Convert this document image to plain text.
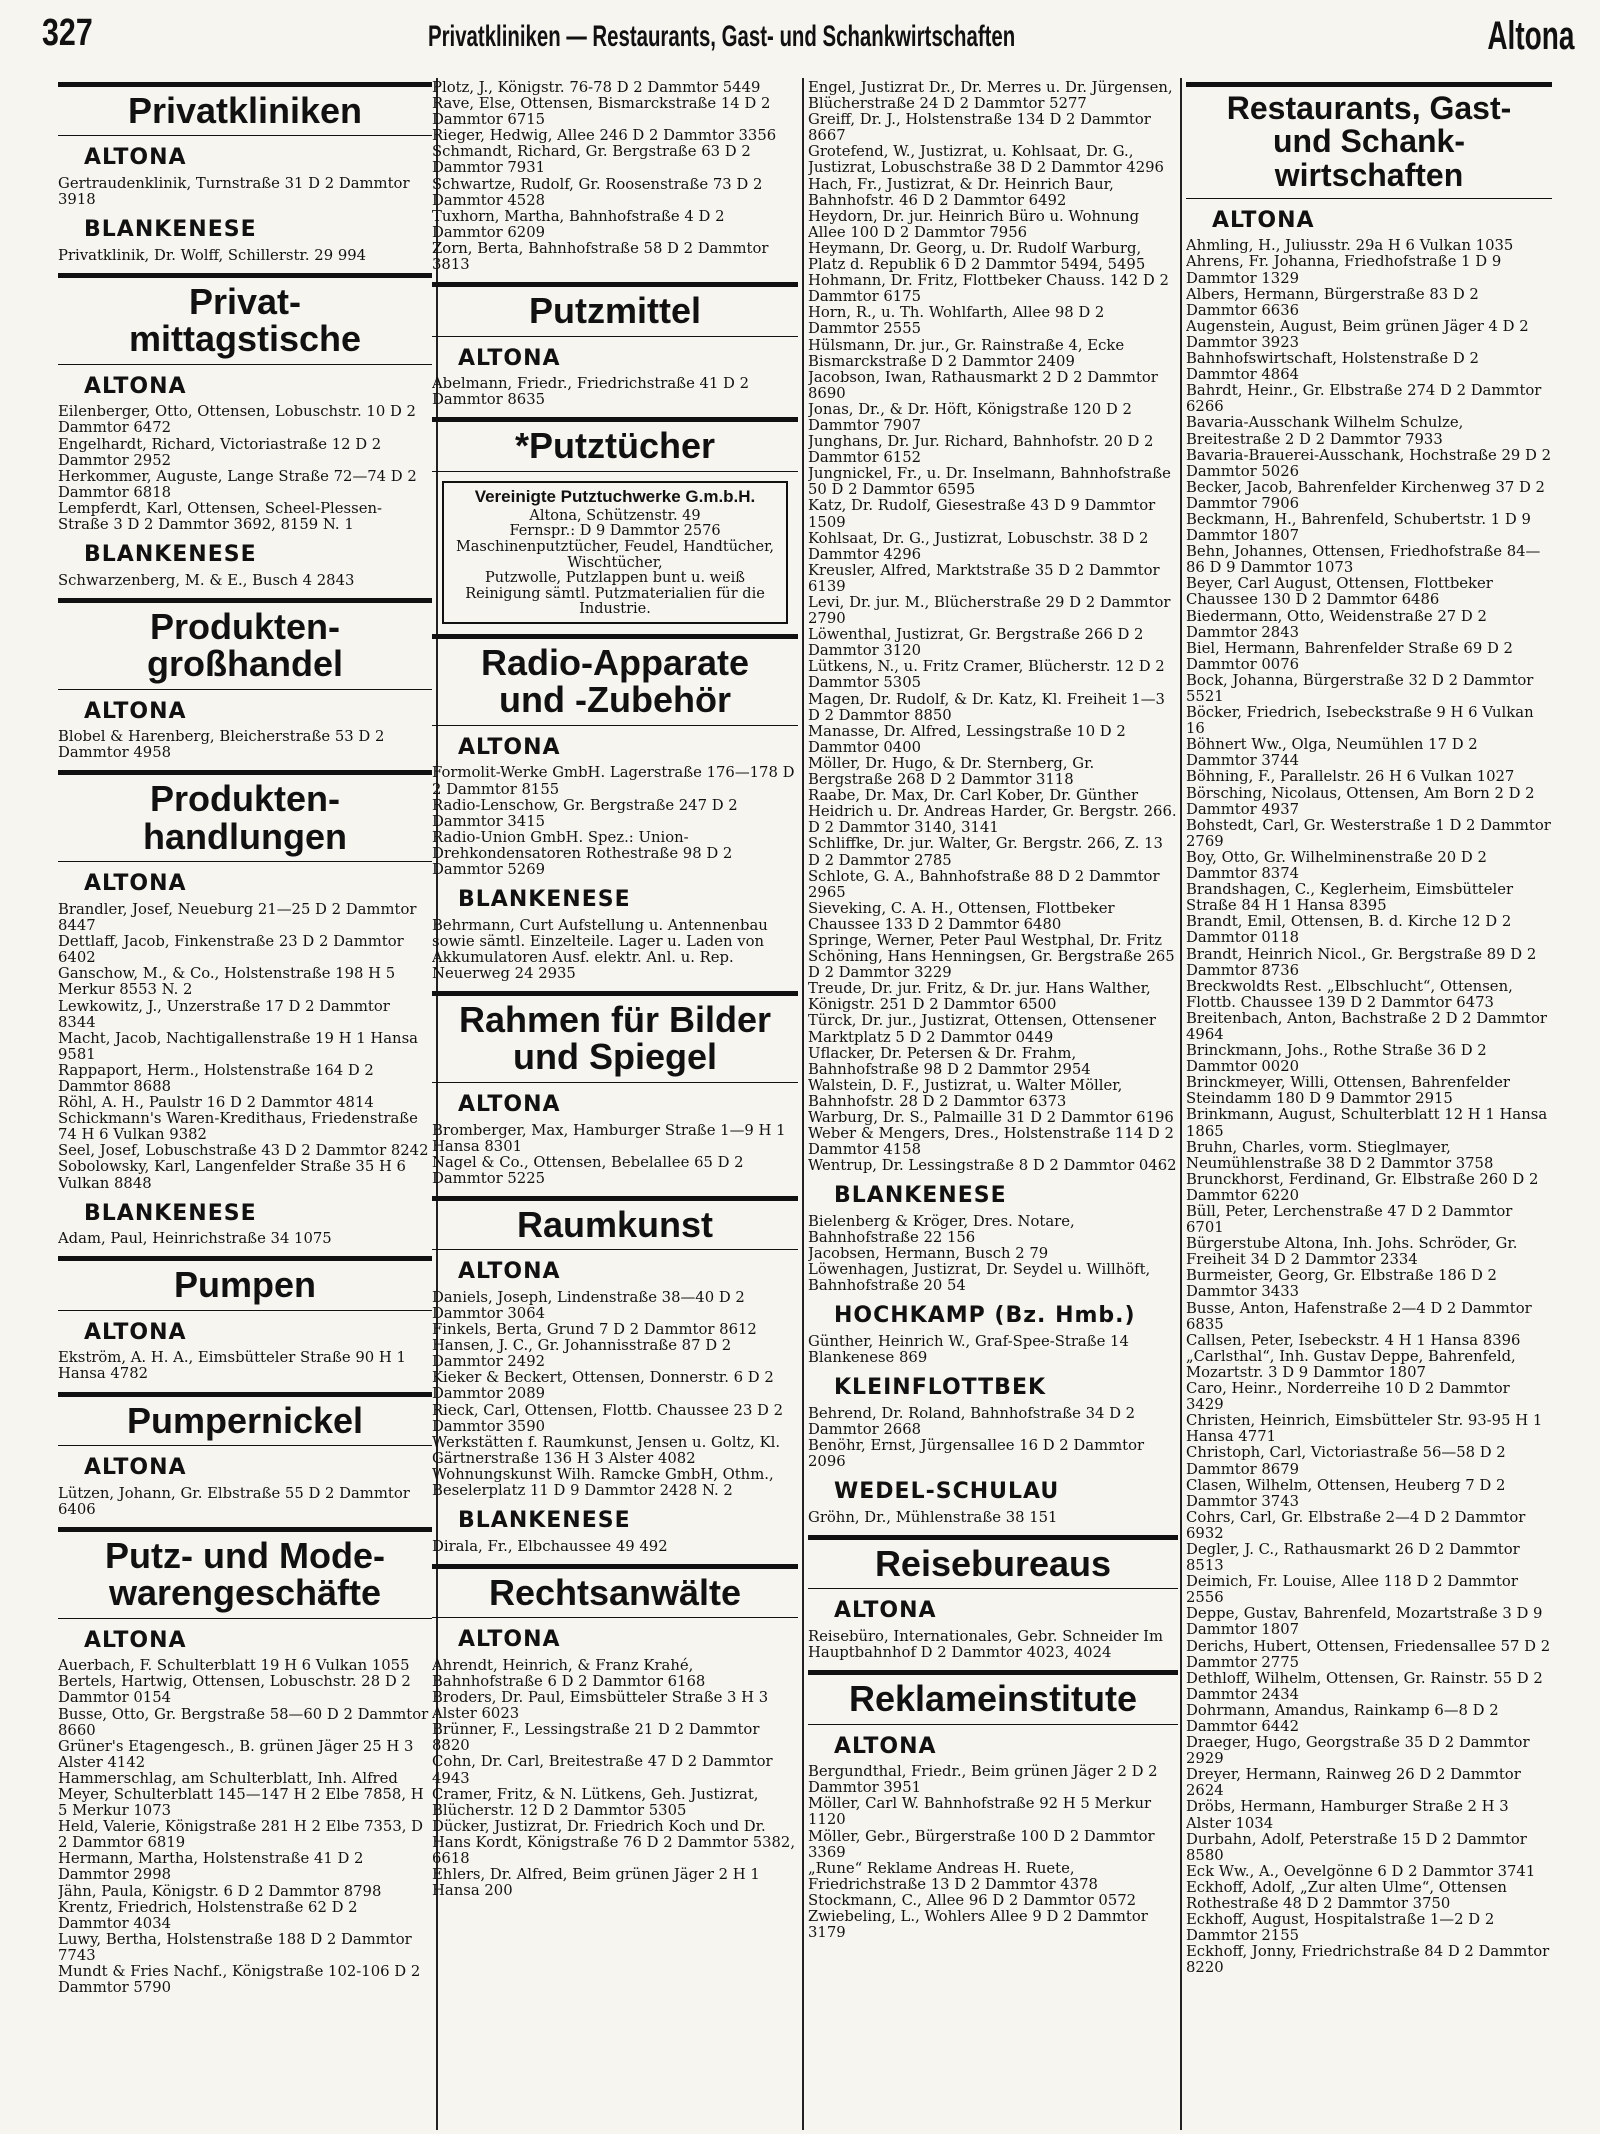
327	Privatkliniken — Restaurants, Gast- und Schankwirtschaften	Altona
Privatkliniken
ALTONA
Gertraudenklinik, Turnstraße 31 D 2 Dammtor 3918
BLANKENESE
Privatklinik, Dr. Wolff, Schillerstr. 29 994
Privat-
mittagstische
ALTONA
Eilenberger, Otto, Ottensen, Lobuschstr. 10 D 2 Dammtor 6472
Engelhardt, Richard, Victoriastraße 12 D 2 Dammtor 2952
Herkommer, Auguste, Lange Straße 72—74 D 2 Dammtor 6818
Lempferdt, Karl, Ottensen, Scheel-Plessen-Straße 3 D 2 Dammtor 3692, 8159 N. 1
BLANKENESE
Schwarzenberg, M. & E., Busch 4 2843
Produkten-
großhandel
ALTONA
Blobel & Harenberg, Bleicherstraße 53 D 2 Dammtor 4958
Produkten-
handlungen
ALTONA
Brandler, Josef, Neueburg 21—25 D 2 Dammtor 8447
Dettlaff, Jacob, Finkenstraße 23 D 2 Dammtor 6402
Ganschow, M., & Co., Holstenstraße 198 H 5 Merkur 8553 N. 2
Lewkowitz, J., Unzerstraße 17 D 2 Dammtor 8344
Macht, Jacob, Nachtigallenstraße 19 H 1 Hansa 9581
Rappaport, Herm., Holstenstraße 164 D 2 Dammtor 8688
Röhl, A. H., Paulstr 16 D 2 Dammtor 4814
Schickmann's Waren-Kredithaus, Friedenstraße 74 H 6 Vulkan 9382
Seel, Josef, Lobuschstraße 43 D 2 Dammtor 8242
Sobolowsky, Karl, Langenfelder Straße 35 H 6 Vulkan 8848
BLANKENESE
Adam, Paul, Heinrichstraße 34 1075
Pumpen
ALTONA
Ekström, A. H. A., Eimsbütteler Straße 90 H 1 Hansa 4782
Pumpernickel
ALTONA
Lützen, Johann, Gr. Elbstraße 55 D 2 Dammtor 6406
Putz- und Mode-
warengeschäfte
ALTONA
Auerbach, F. Schulterblatt 19 H 6 Vulkan 1055
Bertels, Hartwig, Ottensen, Lobuschstr. 28 D 2 Dammtor 0154
Busse, Otto, Gr. Bergstraße 58—60 D 2 Dammtor 8660
Grüner's Etagengesch., B. grünen Jäger 25 H 3 Alster 4142
Hammerschlag, am Schulterblatt, Inh. Alfred Meyer, Schulterblatt 145—147 H 2 Elbe 7858, H 5 Merkur 1073
Held, Valerie, Königstraße 281 H 2 Elbe 7353, D 2 Dammtor 6819
Hermann, Martha, Holstenstraße 41 D 2 Dammtor 2998
Jähn, Paula, Königstr. 6 D 2 Dammtor 8798
Krentz, Friedrich, Holstenstraße 62 D 2 Dammtor 4034
Luwy, Bertha, Holstenstraße 188 D 2 Dammtor 7743
Mundt & Fries Nachf., Königstraße 102-106 D 2 Dammtor 5790
Plotz, J., Königstr. 76-78 D 2 Dammtor 5449
Rave, Else, Ottensen, Bismarckstraße 14 D 2 Dammtor 6715
Rieger, Hedwig, Allee 246 D 2 Dammtor 3356
Schmandt, Richard, Gr. Bergstraße 63 D 2 Dammtor 7931
Schwartze, Rudolf, Gr. Roosenstraße 73 D 2 Dammtor 4528
Tuxhorn, Martha, Bahnhofstraße 4 D 2 Dammtor 6209
Zorn, Berta, Bahnhofstraße 58 D 2 Dammtor 3813
Putzmittel
ALTONA
Abelmann, Friedr., Friedrichstraße 41 D 2 Dammtor 8635
*Putztücher
Vereinigte Putztuchwerke G.m.b.H.
Altona, Schützenstr. 49
Fernspr.: D 9 Dammtor 2576
Maschinenputztücher, Feudel, Handtücher, Wischtücher,
Putzwolle, Putzlappen bunt u. weiß
Reinigung sämtl. Putzmaterialien für die Industrie.
Radio-Apparate
und -Zubehör
ALTONA
Formolit-Werke GmbH. Lagerstraße 176—178 D 2 Dammtor 8155
Radio-Lenschow, Gr. Bergstraße 247 D 2 Dammtor 3415
Radio-Union GmbH. Spez.: Union-Drehkondensatoren Rothestraße 98 D 2 Dammtor 5269
BLANKENESE
Behrmann, Curt Aufstellung u. Antennenbau sowie sämtl. Einzelteile. Lager u. Laden von Akkumulatoren Ausf. elektr. Anl. u. Rep. Neuerweg 24 2935
Rahmen für Bilder
und Spiegel
ALTONA
Bromberger, Max, Hamburger Straße 1—9 H 1 Hansa 8301
Nagel & Co., Ottensen, Bebelallee 65 D 2 Dammtor 5225
Raumkunst
ALTONA
Daniels, Joseph, Lindenstraße 38—40 D 2 Dammtor 3064
Finkels, Berta, Grund 7 D 2 Dammtor 8612
Hansen, J. C., Gr. Johannisstraße 87 D 2 Dammtor 2492
Kieker & Beckert, Ottensen, Donnerstr. 6 D 2 Dammtor 2089
Rieck, Carl, Ottensen, Flottb. Chaussee 23 D 2 Dammtor 3590
Werkstätten f. Raumkunst, Jensen u. Goltz, Kl. Gärtnerstraße 136 H 3 Alster 4082
Wohnungskunst Wilh. Ramcke GmbH, Othm., Beselerplatz 11 D 9 Dammtor 2428 N. 2
BLANKENESE
Dirala, Fr., Elbchaussee 49 492
Rechtsanwälte
ALTONA
Ahrendt, Heinrich, & Franz Krahé, Bahnhofstraße 6 D 2 Dammtor 6168
Broders, Dr. Paul, Eimsbütteler Straße 3 H 3 Alster 6023
Brünner, F., Lessingstraße 21 D 2 Dammtor 8820
Cohn, Dr. Carl, Breitestraße 47 D 2 Dammtor 4943
Cramer, Fritz, & N. Lütkens, Geh. Justizrat, Blücherstr. 12 D 2 Dammtor 5305
Dücker, Justizrat, Dr. Friedrich Koch und Dr. Hans Kordt, Königstraße 76 D 2 Dammtor 5382, 6618
Ehlers, Dr. Alfred, Beim grünen Jäger 2 H 1 Hansa 200
Engel, Justizrat Dr., Dr. Merres u. Dr. Jürgensen, Blücherstraße 24 D 2 Dammtor 5277
Greiff, Dr. J., Holstenstraße 134 D 2 Dammtor 8667
Grotefend, W., Justizrat, u. Kohlsaat, Dr. G., Justizrat, Lobuschstraße 38 D 2 Dammtor 4296
Hach, Fr., Justizrat, & Dr. Heinrich Baur, Bahnhofstr. 46 D 2 Dammtor 6492
Heydorn, Dr. jur. Heinrich Büro u. Wohnung Allee 100 D 2 Dammtor 7956
Heymann, Dr. Georg, u. Dr. Rudolf Warburg, Platz d. Republik 6 D 2 Dammtor 5494, 5495
Hohmann, Dr. Fritz, Flottbeker Chauss. 142 D 2 Dammtor 6175
Horn, R., u. Th. Wohlfarth, Allee 98 D 2 Dammtor 2555
Hülsmann, Dr. jur., Gr. Rainstraße 4, Ecke Bismarckstraße D 2 Dammtor 2409
Jacobson, Iwan, Rathausmarkt 2 D 2 Dammtor 8690
Jonas, Dr., & Dr. Höft, Königstraße 120 D 2 Dammtor 7907
Junghans, Dr. Jur. Richard, Bahnhofstr. 20 D 2 Dammtor 6152
Jungnickel, Fr., u. Dr. Inselmann, Bahnhofstraße 50 D 2 Dammtor 6595
Katz, Dr. Rudolf, Giesestraße 43 D 9 Dammtor 1509
Kohlsaat, Dr. G., Justizrat, Lobuschstr. 38 D 2 Dammtor 4296
Kreusler, Alfred, Marktstraße 35 D 2 Dammtor 6139
Levi, Dr. jur. M., Blücherstraße 29 D 2 Dammtor 2790
Löwenthal, Justizrat, Gr. Bergstraße 266 D 2 Dammtor 3120
Lütkens, N., u. Fritz Cramer, Blücherstr. 12 D 2 Dammtor 5305
Magen, Dr. Rudolf, & Dr. Katz, Kl. Freiheit 1—3 D 2 Dammtor 8850
Manasse, Dr. Alfred, Lessingstraße 10 D 2 Dammtor 0400
Möller, Dr. Hugo, & Dr. Sternberg, Gr. Bergstraße 268 D 2 Dammtor 3118
Raabe, Dr. Max, Dr. Carl Kober, Dr. Günther Heidrich u. Dr. Andreas Harder, Gr. Bergstr. 266. D 2 Dammtor 3140, 3141
Schliffke, Dr. jur. Walter, Gr. Bergstr. 266, Z. 13 D 2 Dammtor 2785
Schlote, G. A., Bahnhofstraße 88 D 2 Dammtor 2965
Sieveking, C. A. H., Ottensen, Flottbeker Chaussee 133 D 2 Dammtor 6480
Springe, Werner, Peter Paul Westphal, Dr. Fritz Schöning, Hans Henningsen, Gr. Bergstraße 265 D 2 Dammtor 3229
Treude, Dr. jur. Fritz, & Dr. jur. Hans Walther, Königstr. 251 D 2 Dammtor 6500
Türck, Dr. jur., Justizrat, Ottensen, Ottensener Marktplatz 5 D 2 Dammtor 0449
Uflacker, Dr. Petersen & Dr. Frahm, Bahnhofstraße 98 D 2 Dammtor 2954
Walstein, D. F., Justizrat, u. Walter Möller, Bahnhofstr. 28 D 2 Dammtor 6373
Warburg, Dr. S., Palmaille 31 D 2 Dammtor 6196
Weber & Mengers, Dres., Holstenstraße 114 D 2 Dammtor 4158
Wentrup, Dr. Lessingstraße 8 D 2 Dammtor 0462
BLANKENESE
Bielenberg & Kröger, Dres. Notare, Bahnhofstraße 22 156
Jacobsen, Hermann, Busch 2 79
Löwenhagen, Justizrat, Dr. Seydel u. Willhöft, Bahnhofstraße 20 54
HOCHKAMP (Bz. Hmb.)
Günther, Heinrich W., Graf-Spee-Straße 14 Blankenese 869
KLEINFLOTTBEK
Behrend, Dr. Roland, Bahnhofstraße 34 D 2 Dammtor 2668
Benöhr, Ernst, Jürgensallee 16 D 2 Dammtor 2096
WEDEL-SCHULAU
Gröhn, Dr., Mühlenstraße 38 151
Reisebureaus
ALTONA
Reisebüro, Internationales, Gebr. Schneider Im Hauptbahnhof D 2 Dammtor 4023, 4024
Reklameinstitute
ALTONA
Bergundthal, Friedr., Beim grünen Jäger 2 D 2 Dammtor 3951
Möller, Carl W. Bahnhofstraße 92 H 5 Merkur 1120
Möller, Gebr., Bürgerstraße 100 D 2 Dammtor 3369
„Rune“ Reklame Andreas H. Ruete, Friedrichstraße 13 D 2 Dammtor 4378
Stockmann, C., Allee 96 D 2 Dammtor 0572
Zwiebeling, L., Wohlers Allee 9 D 2 Dammtor 3179
Restaurants, Gast-
und Schank-
wirtschaften
ALTONA
Ahmling, H., Juliusstr. 29a H 6 Vulkan 1035
Ahrens, Fr. Johanna, Friedhofstraße 1 D 9 Dammtor 1329
Albers, Hermann, Bürgerstraße 83 D 2 Dammtor 6636
Augenstein, August, Beim grünen Jäger 4 D 2 Dammtor 3923
Bahnhofswirtschaft, Holstenstraße D 2 Dammtor 4864
Bahrdt, Heinr., Gr. Elbstraße 274 D 2 Dammtor 6266
Bavaria-Ausschank Wilhelm Schulze, Breitestraße 2 D 2 Dammtor 7933
Bavaria-Brauerei-Ausschank, Hochstraße 29 D 2 Dammtor 5026
Becker, Jacob, Bahrenfelder Kirchenweg 37 D 2 Dammtor 7906
Beckmann, H., Bahrenfeld, Schubertstr. 1 D 9 Dammtor 1807
Behn, Johannes, Ottensen, Friedhofstraße 84—86 D 9 Dammtor 1073
Beyer, Carl August, Ottensen, Flottbeker Chaussee 130 D 2 Dammtor 6486
Biedermann, Otto, Weidenstraße 27 D 2 Dammtor 2843
Biel, Hermann, Bahrenfelder Straße 69 D 2 Dammtor 0076
Bock, Johanna, Bürgerstraße 32 D 2 Dammtor 5521
Böcker, Friedrich, Isebeckstraße 9 H 6 Vulkan 16
Böhnert Ww., Olga, Neumühlen 17 D 2 Dammtor 3744
Böhning, F., Parallelstr. 26 H 6 Vulkan 1027
Börsching, Nicolaus, Ottensen, Am Born 2 D 2 Dammtor 4937
Bohstedt, Carl, Gr. Westerstraße 1 D 2 Dammtor 2769
Boy, Otto, Gr. Wilhelminenstraße 20 D 2 Dammtor 8374
Brandshagen, C., Keglerheim, Eimsbütteler Straße 84 H 1 Hansa 8395
Brandt, Emil, Ottensen, B. d. Kirche 12 D 2 Dammtor 0118
Brandt, Heinrich Nicol., Gr. Bergstraße 89 D 2 Dammtor 8736
Breckwoldts Rest. „Elbschlucht“, Ottensen, Flottb. Chaussee 139 D 2 Dammtor 6473
Breitenbach, Anton, Bachstraße 2 D 2 Dammtor 4964
Brinckmann, Johs., Rothe Straße 36 D 2 Dammtor 0020
Brinckmeyer, Willi, Ottensen, Bahrenfelder Steindamm 180 D 9 Dammtor 2915
Brinkmann, August, Schulterblatt 12 H 1 Hansa 1865
Bruhn, Charles, vorm. Stieglmayer, Neumühlenstraße 38 D 2 Dammtor 3758
Brunckhorst, Ferdinand, Gr. Elbstraße 260 D 2 Dammtor 6220
Büll, Peter, Lerchenstraße 47 D 2 Dammtor 6701
Bürgerstube Altona, Inh. Johs. Schröder, Gr. Freiheit 34 D 2 Dammtor 2334
Burmeister, Georg, Gr. Elbstraße 186 D 2 Dammtor 3433
Busse, Anton, Hafenstraße 2—4 D 2 Dammtor 6835
Callsen, Peter, Isebeckstr. 4 H 1 Hansa 8396
„Carlsthal“, Inh. Gustav Deppe, Bahrenfeld, Mozartstr. 3 D 9 Dammtor 1807
Caro, Heinr., Norderreihe 10 D 2 Dammtor 3429
Christen, Heinrich, Eimsbütteler Str. 93-95 H 1 Hansa 4771
Christoph, Carl, Victoriastraße 56—58 D 2 Dammtor 8679
Clasen, Wilhelm, Ottensen, Heuberg 7 D 2 Dammtor 3743
Cohrs, Carl, Gr. Elbstraße 2—4 D 2 Dammtor 6932
Degler, J. C., Rathausmarkt 26 D 2 Dammtor 8513
Deimich, Fr. Louise, Allee 118 D 2 Dammtor 2556
Deppe, Gustav, Bahrenfeld, Mozartstraße 3 D 9 Dammtor 1807
Derichs, Hubert, Ottensen, Friedensallee 57 D 2 Dammtor 2775
Dethloff, Wilhelm, Ottensen, Gr. Rainstr. 55 D 2 Dammtor 2434
Dohrmann, Amandus, Rainkamp 6—8 D 2 Dammtor 6442
Draeger, Hugo, Georgstraße 35 D 2 Dammtor 2929
Dreyer, Hermann, Rainweg 26 D 2 Dammtor 2624
Dröbs, Hermann, Hamburger Straße 2 H 3 Alster 1034
Durbahn, Adolf, Peterstraße 15 D 2 Dammtor 8580
Eck Ww., A., Oevelgönne 6 D 2 Dammtor 3741
Eckhoff, Adolf, „Zur alten Ulme“, Ottensen Rothestraße 48 D 2 Dammtor 3750
Eckhoff, August, Hospitalstraße 1—2 D 2 Dammtor 2155
Eckhoff, Jonny, Friedrichstraße 84 D 2 Dammtor 8220
